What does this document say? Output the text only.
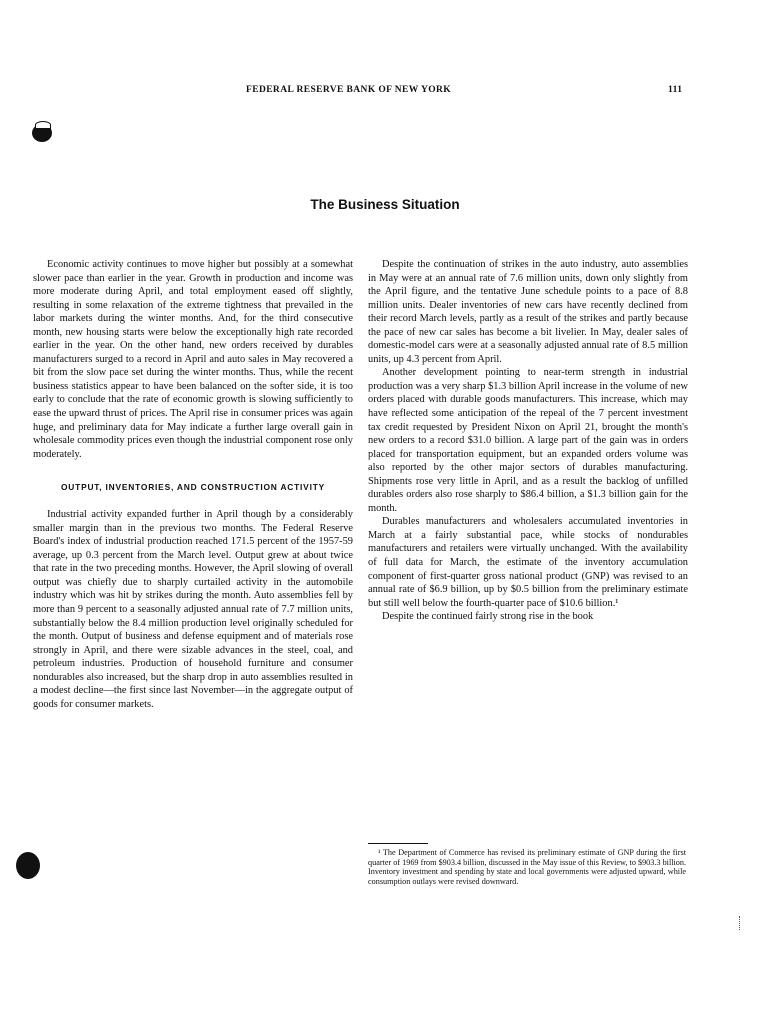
FEDERAL RESERVE BANK OF NEW YORK	111
The Business Situation

Economic activity continues to move higher but possibly at a somewhat slower pace than earlier in the year. Growth in production and income was more moderate during April, and total employment eased off slightly, resulting in some relaxation of the extreme tightness that prevailed in the labor markets during the winter months. And, for the third consecutive month, new housing starts were below the exceptionally high rate recorded earlier in the year. On the other hand, new orders received by durables manufacturers surged to a record in April and auto sales in May recovered a bit from the slow pace set during the winter months. Thus, while the recent business statistics appear to have been balanced on the softer side, it is too early to conclude that the rate of economic growth is slowing sufficiently to ease the upward thrust of prices. The April rise in consumer prices was again huge, and preliminary data for May indicate a further large overall gain in wholesale commodity prices even though the industrial component rose only moderately.

OUTPUT, INVENTORIES, AND CONSTRUCTION ACTIVITY

Industrial activity expanded further in April though by a considerably smaller margin than in the previous two months. The Federal Reserve Board's index of industrial production reached 171.5 percent of the 1957-59 average, up 0.3 percent from the March level. Output grew at about twice that rate in the two preceding months. However, the April slowing of overall output was chiefly due to sharply curtailed activity in the automobile industry which was hit by strikes during the month. Auto assemblies fell by more than 9 percent to a seasonally adjusted annual rate of 7.7 million units, substantially below the 8.4 million production level originally scheduled for the month. Output of business and defense equipment and of materials rose strongly in April, and there were sizable advances in the steel, coal, and petroleum industries. Production of household furniture and consumer nondurables also increased, but the sharp drop in auto assemblies resulted in a modest decline—the first since last November—in the aggregate output of goods for consumer markets.

Despite the continuation of strikes in the auto industry, auto assemblies in May were at an annual rate of 7.6 million units, down only slightly from the April figure, and the tentative June schedule points to a pace of 8.8 million units. Dealer inventories of new cars have recently declined from their record March levels, partly as a result of the strikes and partly because the pace of new car sales has become a bit livelier. In May, dealer sales of domestic-model cars were at a seasonally adjusted annual rate of 8.5 million units, up 4.3 percent from April.

Another development pointing to near-term strength in industrial production was a very sharp $1.3 billion April increase in the volume of new orders placed with durable goods manufacturers. This increase, which may have reflected some anticipation of the repeal of the 7 percent investment tax credit requested by President Nixon on April 21, brought the month's new orders to a record $31.0 billion. A large part of the gain was in orders placed for transportation equipment, but an expanded orders volume was also reported by the other major sectors of durables manufacturing. Shipments rose very little in April, and as a result the backlog of unfilled durables orders also rose sharply to $86.4 billion, a $1.3 billion gain for the month.

Durables manufacturers and wholesalers accumulated inventories in March at a fairly substantial pace, while stocks of nondurables manufacturers and retailers were virtually unchanged. With the availability of full data for March, the estimate of the inventory accumulation component of first-quarter gross national product (GNP) was revised to an annual rate of $6.9 billion, up by $0.5 billion from the preliminary estimate but still well below the fourth-quarter pace of $10.6 billion.¹

Despite the continued fairly strong rise in the book

¹ The Department of Commerce has revised its preliminary estimate of GNP during the first quarter of 1969 from $903.4 billion, discussed in the May issue of this Review, to $903.3 billion. Inventory investment and spending by state and local governments were adjusted upward, while consumption outlays were revised downward.
